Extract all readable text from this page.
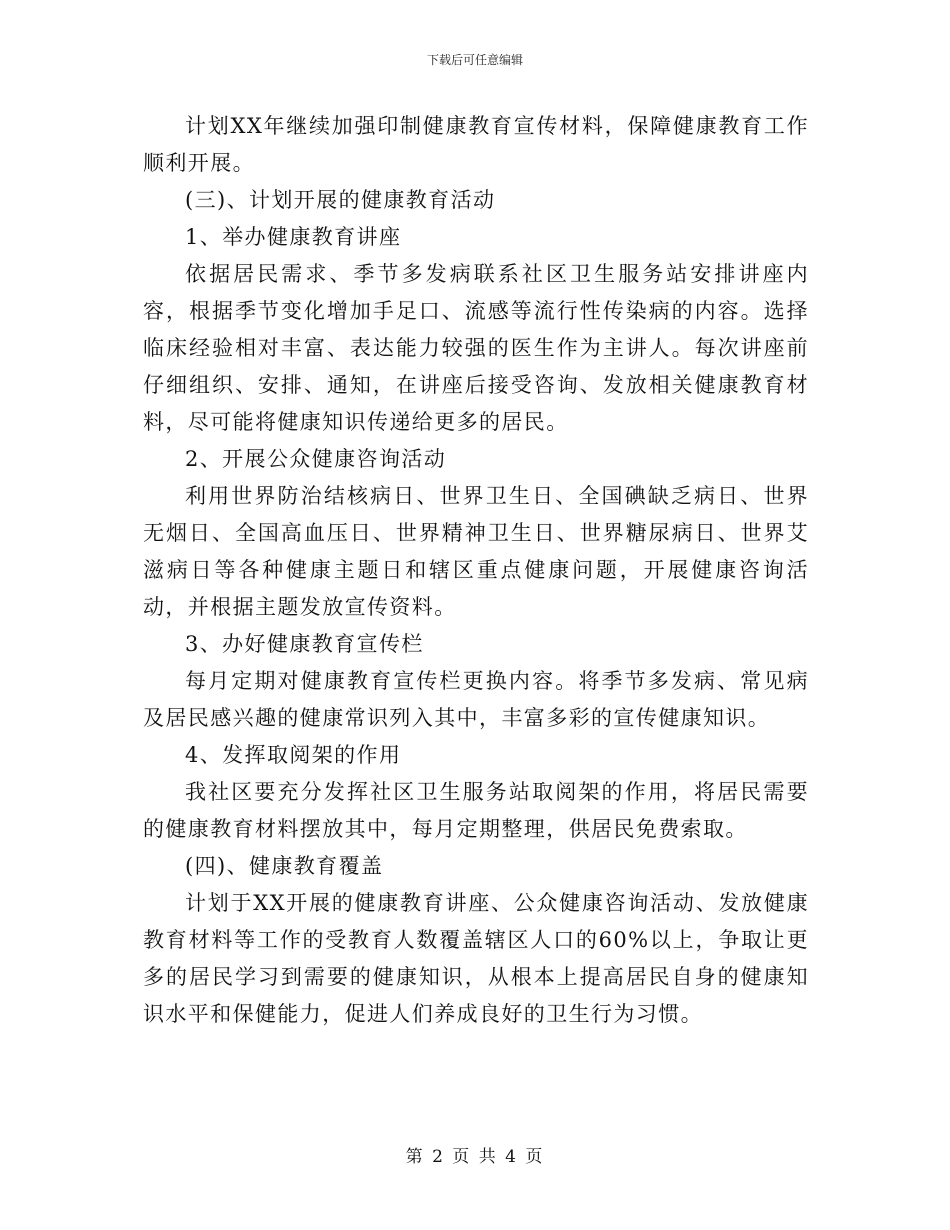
下载后可任意编辑

计划XX年继续加强印制健康教育宣传材料，保障健康教育工作顺利开展。

(三)、计划开展的健康教育活动

1、举办健康教育讲座

依据居民需求、季节多发病联系社区卫生服务站安排讲座内容，根据季节变化增加手足口、流感等流行性传染病的内容。选择临床经验相对丰富、表达能力较强的医生作为主讲人。每次讲座前仔细组织、安排、通知，在讲座后接受咨询、发放相关健康教育材料，尽可能将健康知识传递给更多的居民。

2、开展公众健康咨询活动

利用世界防治结核病日、世界卫生日、全国碘缺乏病日、世界无烟日、全国高血压日、世界精神卫生日、世界糖尿病日、世界艾滋病日等各种健康主题日和辖区重点健康问题，开展健康咨询活动，并根据主题发放宣传资料。

3、办好健康教育宣传栏

每月定期对健康教育宣传栏更换内容。将季节多发病、常见病及居民感兴趣的健康常识列入其中，丰富多彩的宣传健康知识。

4、发挥取阅架的作用

我社区要充分发挥社区卫生服务站取阅架的作用，将居民需要的健康教育材料摆放其中，每月定期整理，供居民免费索取。

(四)、健康教育覆盖

计划于XX开展的健康教育讲座、公众健康咨询活动、发放健康教育材料等工作的受教育人数覆盖辖区人口的60%以上，争取让更多的居民学习到需要的健康知识，从根本上提高居民自身的健康知识水平和保健能力，促进人们养成良好的卫生行为习惯。

第 2 页 共 4 页
